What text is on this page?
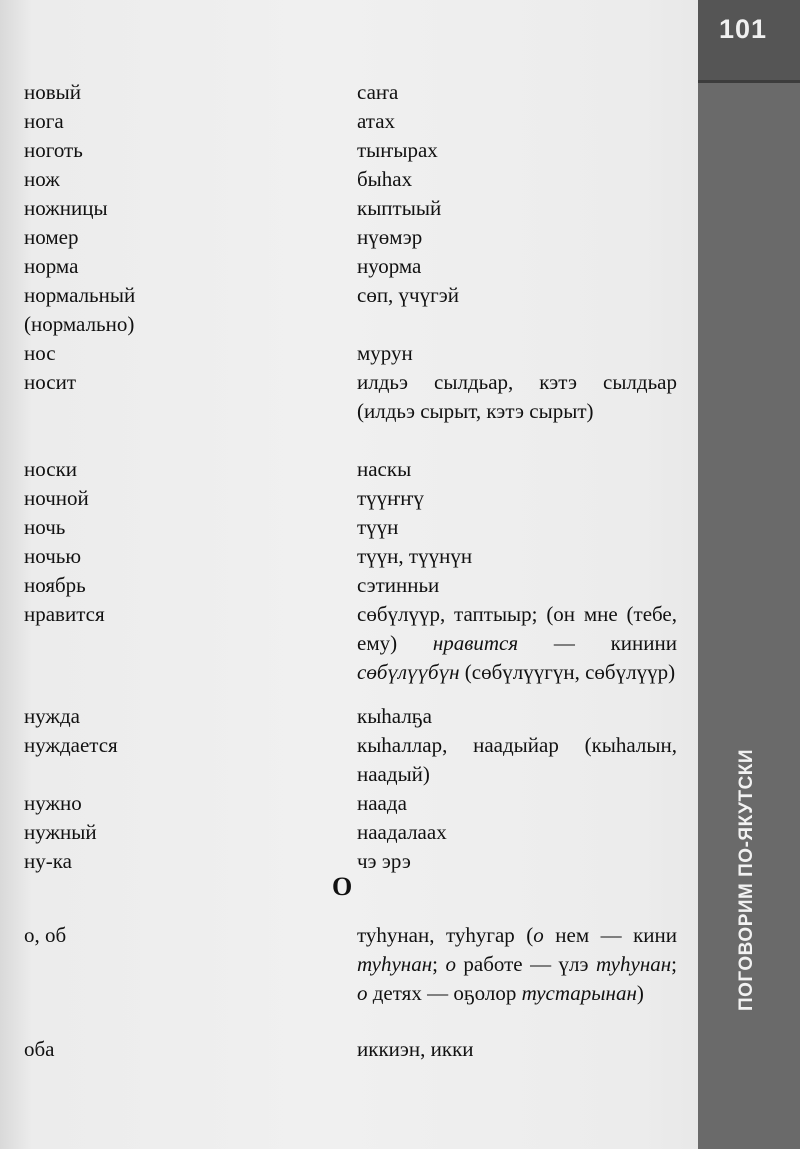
101
ПОГОВОРИМ ПО-ЯКУТСКИ
новый	саҥа
нога	атах
ноготь	тыҥырах
нож	быһах
ножницы	кыптыый
номер	нүөмэр
норма	нуорма
нормальный	сөп, үчүгэй
(нормально)
нос	мурун
носит	илдьэ сылдьар, кэтэ сылдьар (илдьэ сырыт, кэтэ сырыт)
носки	наскы
ночной	түүҥҥү
ночь	түүн
ночью	түүн, түүнүн
ноябрь	сэтинньи
нравится	сөбүлүүр, таптыыр; (он мне (тебе, ему) нравится — кинини сөбүлүүбүн (сөбүлүүгүн, сөбүлүүр)
нужда	кыһалҕа
нуждается	кыһаллар, наадыйар (кыһалын, наадый)
нужно	наада
нужный	наадалаах
ну-ка	чэ эрэ
о, об	туһунан, туһугар (о нем — кини туһунан; о работе — үлэ туһунан; о детях — оҕолор тустарынан)
оба	иккиэн, икки
О
